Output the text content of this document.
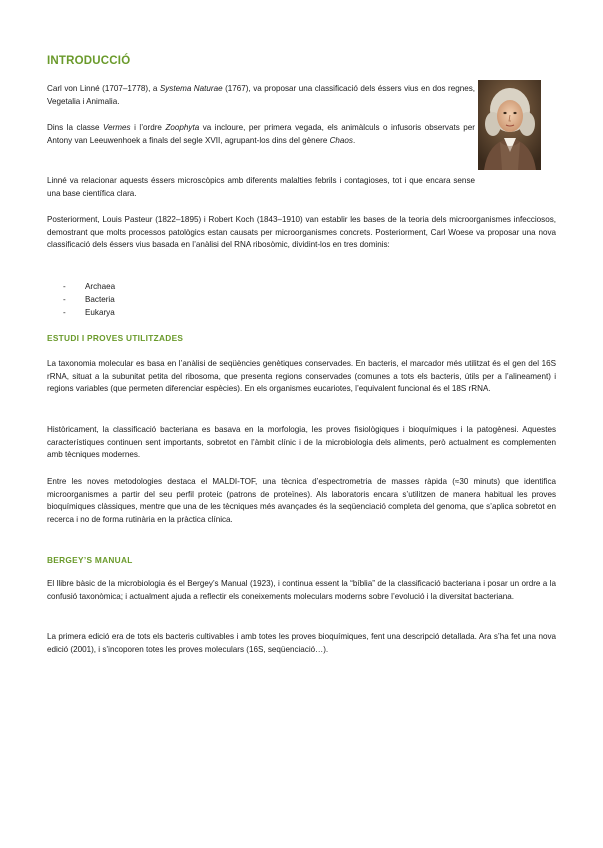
INTRODUCCIÓ

Carl von Linné (1707–1778), a Systema Naturae (1767), va proposar una classificació dels éssers vius en dos regnes, Vegetalia i Animalia.

Dins la classe Vermes i l’ordre Zoophyta va incloure, per primera vegada, els animàlculs o infusoris observats per Antony van Leeuwenhoek a finals del segle XVII, agrupant-los dins del gènere Chaos.

Linné va relacionar aquests éssers microscòpics amb diferents malalties febrils i contagioses, tot i que encara sense una base científica clara.

Posteriorment, Louis Pasteur (1822–1895) i Robert Koch (1843–1910) van establir les bases de la teoria dels microorganismes infecciosos, demostrant que molts processos patològics estan causats per microorganismes concrets. Posteriorment, Carl Woese va proposar una nova classificació dels éssers vius basada en l’anàlisi del RNA ribosòmic, dividint-los en tres dominis:

- Archaea
- Bacteria
- Eukarya
ESTUDI I PROVES UTILITZADES

La taxonomia molecular es basa en l’anàlisi de seqüències genètiques conservades. En bacteris, el marcador més utilitzat és el gen del 16S rRNA, situat a la subunitat petita del ribosoma, que presenta regions conservades (comunes a tots els bacteris, útils per a l’alineament) i regions variables (que permeten diferenciar espècies). En els organismes eucariotes, l’equivalent funcional és el 18S rRNA.

Històricament, la classificació bacteriana es basava en la morfologia, les proves fisiològiques i bioquímiques i la patogènesi. Aquestes característiques continuen sent importants, sobretot en l’àmbit clínic i de la microbiologia dels aliments, però actualment es complementen amb tècniques modernes.

Entre les noves metodologies destaca el MALDI-TOF, una tècnica d’espectrometria de masses ràpida (≈30 minuts) que identifica microorganismes a partir del seu perfil proteic (patrons de proteïnes). Als laboratoris encara s’utilitzen de manera habitual les proves bioquímiques clàssiques, mentre que una de les tècniques més avançades és la seqüenciació completa del genoma, que s’aplica sobretot en recerca i no de forma rutinària en la pràctica clínica.

BERGEY’S MANUAL

El llibre bàsic de la microbiologia és el Bergey’s Manual (1923), i continua essent la “bíblia” de la classificació bacteriana i posar un ordre a la confusió taxonòmica; i actualment ajuda a reflectir els coneixements moleculars moderns sobre l’evolució i la diversitat bacteriana.

La primera edició era de tots els bacteris cultivables i amb totes les proves bioquímiques, fent una descripció detallada. Ara s’ha fet una nova edició (2001), i s’incoporen totes les proves moleculars (16S, seqüenciació…).
